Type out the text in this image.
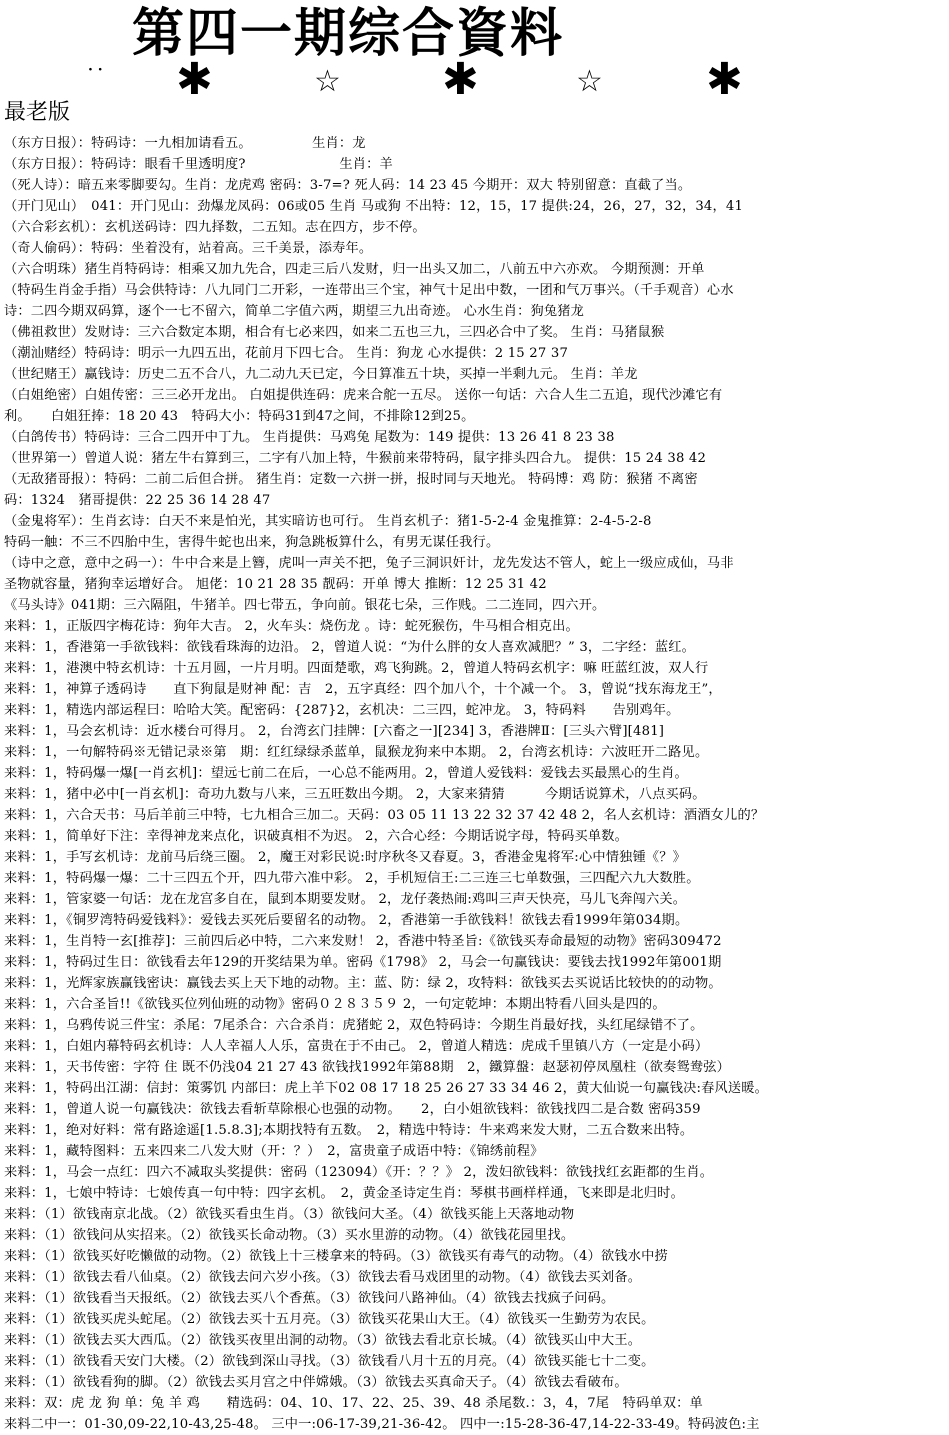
第四一期综合資料
· · ✱	☆ ✱	☆ ✱
最老版
（东方日报）：特码诗：一九相加请看五。　　　　　生肖：龙
（东方日报）：特码诗：眼看千里透明度?　　　　　　　生肖：羊
（死人诗）：暗五来零脚要勾。生肖：龙虎鸡 密码：3-7=? 死人码：14 23 45 今期开：双大 特别留意：直截了当。
（开门见山）　041：开门见山：劲爆龙凤码：06或05 生肖 马或狗 不出特：12，15，17 提供:24，26，27，32，34，41
（六合彩玄机）：玄机送码诗：四九择数，二五知。志在四方，步不停。
（奇人偷码）：特码：坐着没有，站着高。三千美景，添寿年。
（六合明珠）猪生肖特码诗：相乘又加九先合，四走三后八发财，归一出头又加二，八前五中六亦欢。 今期预测：开单
（特码生肖金手指）马会供特诗：八九同门二开彩，一连带出三个宝，神气十足出中数，一团和气万事兴。（千手观音）心水
诗：二四今期双码算，逐个一七不留六，简单二字值六两，期望三九出奇迹。 心水生肖：狗兔猪龙
（佛祖救世）发财诗：三六合数定本期，相合有七必来四，如来二五也三九，三四必合中了奖。 生肖：马猪鼠猴
（潮汕赌经）特码诗：明示一九四五出，花前月下四七合。 生肖：狗龙 心水提供：2 15 27 37
（世纪赌王）赢钱诗：历史二五不合八，九二动九天已定，今日算准五十块，买掉一半剩九元。 生肖：羊龙
（白姐绝密）白姐传密：三三必开龙出。 白姐提供连码：虎来合舵一五尽。 送你一句话：六合人生二五追，现代沙滩它有
利。　　白姐狂捧：18 20 43　特码大小：特码31到47之间，不排除12到25。
（白鸽传书）特码诗：三合二四开中丁九。 生肖提供：马鸡兔 尾数为：149 提供：13 26 41 8 23 38
（世界第一）曾道人说：猪左牛右算到三，二字有八加上特，牛猴前来带特码，鼠字排头四合九。 提供：15 24 38 42
（无敌猪哥报）：特码：二前二后但合拼。 猪生肖：定数一六拼一拼，报时同与天地光。 特码博：鸡 防：猴猪 不离密
码：1324　猪哥提供：22 25 36 14 28 47
（金鬼将军）：生肖玄诗：白天不来是怕光，其实暗访也可行。 生肖玄机子：猪1-5-2-4 金鬼推算：2-4-5-2-8
特码一触：不三不四胎中生，害得牛蛇也出来，狗急跳板算什么，有男无谋任我行。
（诗中之意，意中之码一）：牛中合来是上簪，虎叫一声关不把，兔子三洞识奸计，龙先发达不管人，蛇上一级应成仙，马非
圣物就容量，猪狗幸运增好合。 旭佬：10 21 28 35 靓码：开单 博大 推断：12 25 31 42
《马头诗》041期：三六隔阻，牛猪羊。四七带五，争向前。银花七朵，三作贱。二二连同，四六开。
来料：1，正版四字梅花诗：狗年大吉。 2，火车头：烧伤龙 。诗：蛇死猴伤，牛马相合相克出。
来料：1，香港第一手欲钱料：欲钱看珠海的边沿。 2，曾道人说：“为什么胖的女人喜欢减肥？” 3，二字经：蓝红。
来料：1，港澳中特玄机诗：十五月圆，一片月明。四面楚歌，鸡飞狗跳。2，曾道人特码玄机字：嘛 旺蓝红波，双人行
来料：1，神算子透码诗　　直下狗鼠是财神 配：吉　2，五字真经：四个加八个，十个减一个。 3，曾说“找东海龙王”，
来料：1，精选内部运程曰：哈哈大笑。配密码：{287}2，玄机决：二三四，蛇冲龙。 3，特码料　　告别鸡年。
来料：1，马会玄机诗：近水楼台可得月。 2，台湾玄门挂牌：[六畜之一][234] 3，香港牌Ⅱ：[三头六臂][481]
来料：1，一句解特码※无错记录※第　期：红红绿绿杀蓝单，鼠猴龙狗来中本期。 2，台湾玄机诗：六波旺开二路见。
来料：1，特码爆一爆[一肖玄机]：望远七前二在后，一心总不能两用。2，曾道人爱钱料：爱钱去买最黑心的生肖。
来料：1，猪中必中[一肖玄机]：奇功九数与八来，三五旺数出今期。 2，大家来猜猜　　　今期话说算术，八点买码。
来料：1，六合天书：马后羊前三中特，七九相合三加二。天码：03 05 11 13 22 32 37 42 48 2，名人玄机诗：酒酒女儿的？
来料：1，简单好下注：幸得神龙来点化，识破真相不为迟。 2，六合心经：今期话说字母，特码买单数。
来料：1，手写玄机诗：龙前马后绕三圈。 2，魔王对彩民说:时序秋冬又春夏。3，香港金鬼将军:心中情独锺《？》
来料：1，特码爆一爆：二十三四五个开，四九带六准中彩。 2，手机短信王:二三连三七单数强，三四配六九大数胜。
来料：1，管家婆一句话：龙在龙宫多自在，鼠到本期要发财。 2，龙仔袭热闹:鸡叫三声天快亮，马儿飞奔闯六关。
来料：1，《铜罗湾特码爱钱料》：爱钱去买死后要留名的动物。 2，香港第一手欲钱料！欲钱去看1999年第034期。
来料：1，生肖特一玄[推荐]：三前四后必中特，二六来发财！ 2，香港中特圣旨:《欲钱买寿命最短的动物》密码309472
来料：1，特码过生日：欲钱看去年129的开奖结果为单。密码《1798》 2，马会一句赢钱诀：要钱去找1992年第001期
来料：1，光辉家族赢钱密诀：赢钱去买上天下地的动物。主：蓝、防：绿 2，攻特料：欲钱买去买说话比较快的的动物。
来料：1，六合圣旨!!《欲钱买位列仙班的动物》密码０２８３５９ 2，一句定乾坤：本期出特看八回头是四的。
来料：1，乌鸦传说三件宝：杀尾：7尾杀合：六合杀肖：虎猪蛇 2，双色特码诗：今期生肖最好找，头红尾绿错不了。
来料：1，白姐内幕特码玄机诗：人人幸福人人乐，富贵在于不由己。 2，曾道人精选：虎成千里镇八方（一定是小码）
来料：1，天书传密：字符 住 既不仍浅04 21 27 43 欲钱找1992年第88期　2，鐵算盤：赵瑟初停凤凰柱（欲奏鸳鸯弦）
来料：1，特码出江湖：信封：策雾饥 内部曰：虎上羊下02 08 17 18 25 26 27 33 34 46 2，黄大仙说一句赢钱决:春风送暖。
来料：1，曾道人说一句赢钱决：欲钱去看斩草除根心也强的动物。　　2，白小姐欲钱料：欲钱找四二是合数 密码359
来料：1，绝对好料：常有路途遥[1.5.8.3];本期找特有五数。　2，精选中特诗：牛来鸡来发大财，二五合数来出特。
来料：1，藏特图料：五来四来二八发大财（开：？）　2，富贵童子成语中特：《锦绣前程》
来料：1，马会一点红：四六不减取头奖提供：密码（123094）《开：？？》 2，泼妇欲钱料：欲钱找红玄距都的生肖。
来料：1，七娘中特诗：七娘传真一句中特：四字玄机。　2，黄金圣诗定生肖：琴棋书画样样通，飞来即是北归时。
来料：（1）欲钱南京北战。（2）欲钱买看虫生肖。（3）欲钱问大圣。（4）欲钱买能上天落地动物
来料：（1）欲钱问从实招来。（2）欲钱买长命动物。（3）买水里游的动物。（4）欲钱花园里找。
来料：（1）欲钱买好吃懒做的动物。（2）欲钱上十三楼拿来的特码。（3）欲钱买有毒气的动物。（4）欲钱水中捞
来料：（1）欲钱去看八仙桌。（2）欲钱去问六岁小孩。（3）欲钱去看马戏团里的动物。（4）欲钱去买刘备。
来料：（1）欲钱看当天报纸。（2）欲钱去买八个香蕉。（3）欲钱问八路神仙。（4）欲钱去找疯子问码。
来料：（1）欲钱买虎头蛇尾。（2）欲钱去买十五月亮。（3）欲钱买花果山大王。（4）欲钱买一生勤劳为农民。
来料：（1）欲钱去买大西瓜。（2）欲钱买夜里出洞的动物。（3）欲钱去看北京长城。（4）欲钱买山中大王。
来料：（1）欲钱看天安门大楼。（2）欲钱到深山寻找。（3）欲钱看八月十五的月亮。（4）欲钱买能七十二变。
来料：（1）欲钱看狗的脚。（2）欲钱去买月宫之中伴嫦娥。（3）欲钱去买真命天子。（4）欲钱去看破布。
来料：双：虎 龙 狗 单：兔 羊 鸡　　精选码：04、10、17、22、25、39、48 杀尾数.：3，4，7尾　特码单双：单
来料二中一：01-30,09-22,10-43,25-48。 三中一:06-17-39,21-36-42。 四中一:15-28-36-47,14-22-33-49。特码波色:主
